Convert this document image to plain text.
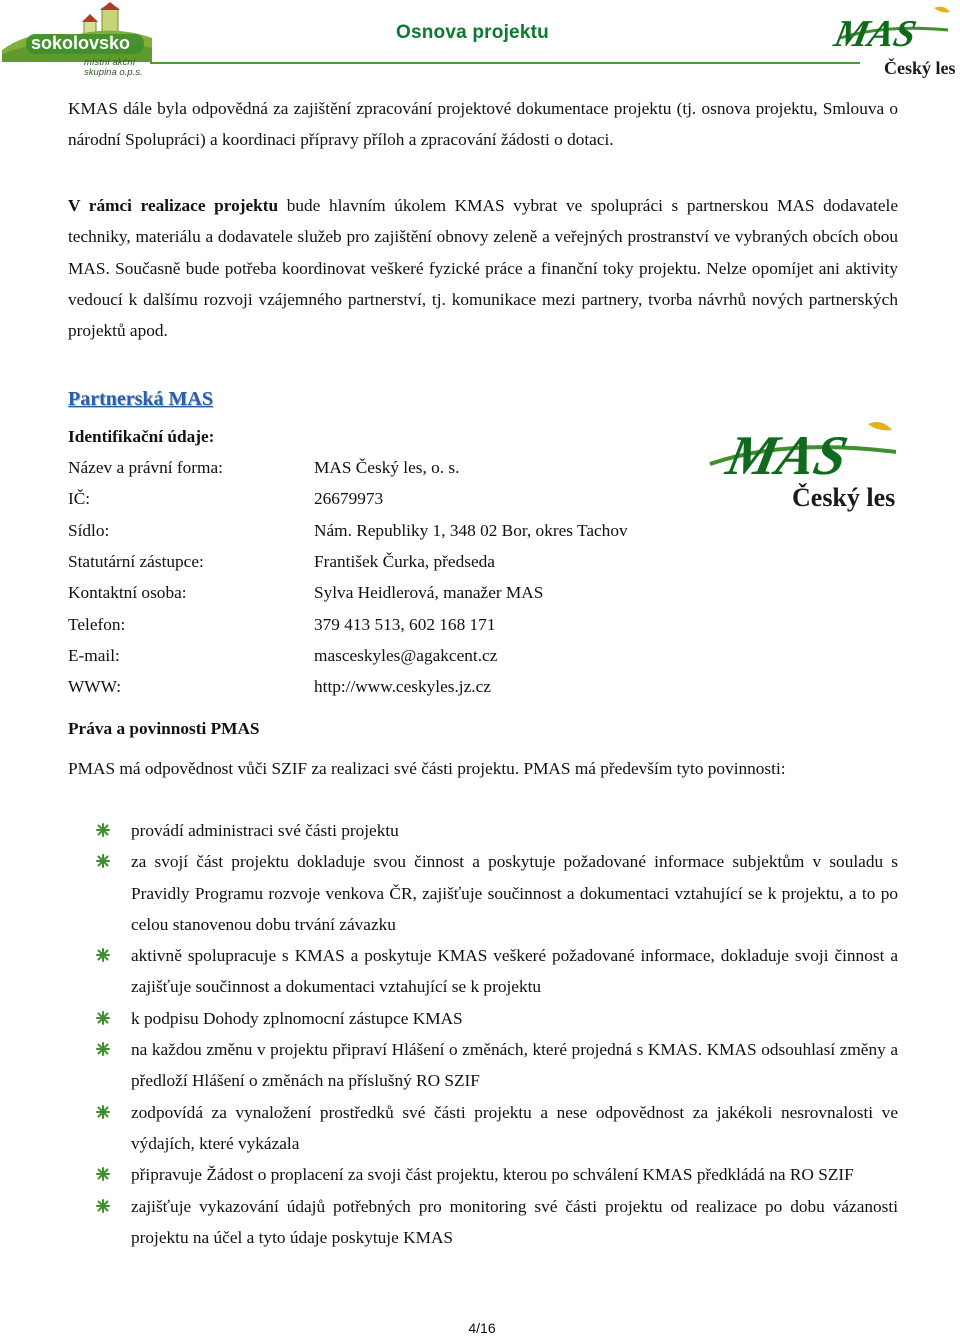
sokolovsko
místní akční
skupina o.p.s.
Osnova projektu	MAS
Český les
KMAS dále byla odpovědná za zajištění zpracování projektové dokumentace projektu (tj. osnova projektu, Smlouva o národní Spolupráci) a koordinaci přípravy příloh a zpracování žádosti o dotaci.
V rámci realizace projektu bude hlavním úkolem KMAS vybrat ve spolupráci s partnerskou MAS dodavatele techniky, materiálu a dodavatele služeb pro zajištění obnovy zeleně a veřejných prostranství ve vybraných obcích obou MAS. Současně bude potřeba koordinovat veškeré fyzické práce a finanční toky projektu. Nelze opomíjet ani aktivity vedoucí k dalšímu rozvoji vzájemného partnerství, tj. komunikace mezi partnery, tvorba návrhů nových partnerských projektů apod.
Partnerská MAS
Identifikační údaje:
Název a právní forma:	MAS Český les, o. s.
IČ:	26679973
Sídlo:	Nám. Republiky 1, 348 02 Bor, okres Tachov
Statutární zástupce:	František Čurka, předseda
Kontaktní osoba:	Sylva Heidlerová, manažer MAS
Telefon:	379 413 513, 602 168 171
E-mail:	masceskyles@agakcent.cz
WWW:	http://www.ceskyles.jz.cz
MAS
Český les
Práva a povinnosti PMAS
PMAS má odpovědnost vůči SZIF za realizaci své části projektu. PMAS má především tyto povinnosti:
provádí administraci své části projektu
za svojí část projektu dokladuje svou činnost a poskytuje požadované informace subjektům v souladu s Pravidly Programu rozvoje venkova ČR, zajišťuje součinnost a dokumentaci vztahující se k projektu, a to po celou stanovenou dobu trvání závazku
aktivně spolupracuje s KMAS a poskytuje KMAS veškeré požadované informace, dokladuje svoji činnost a zajišťuje součinnost a dokumentaci vztahující se k projektu
k podpisu Dohody zplnomocní zástupce KMAS
na každou změnu v projektu připraví Hlášení o změnách, které projedná s KMAS. KMAS odsouhlasí změny a předloží Hlášení o změnách na příslušný RO SZIF
zodpovídá za vynaložení prostředků své části projektu a nese odpovědnost za jakékoli nesrovnalosti ve výdajích, které vykázala
připravuje Žádost o proplacení za svoji část projektu, kterou po schválení KMAS předkládá na RO SZIF
zajišťuje vykazování údajů potřebných pro monitoring své části projektu od realizace po dobu vázanosti projektu na účel a tyto údaje poskytuje KMAS
4/16
